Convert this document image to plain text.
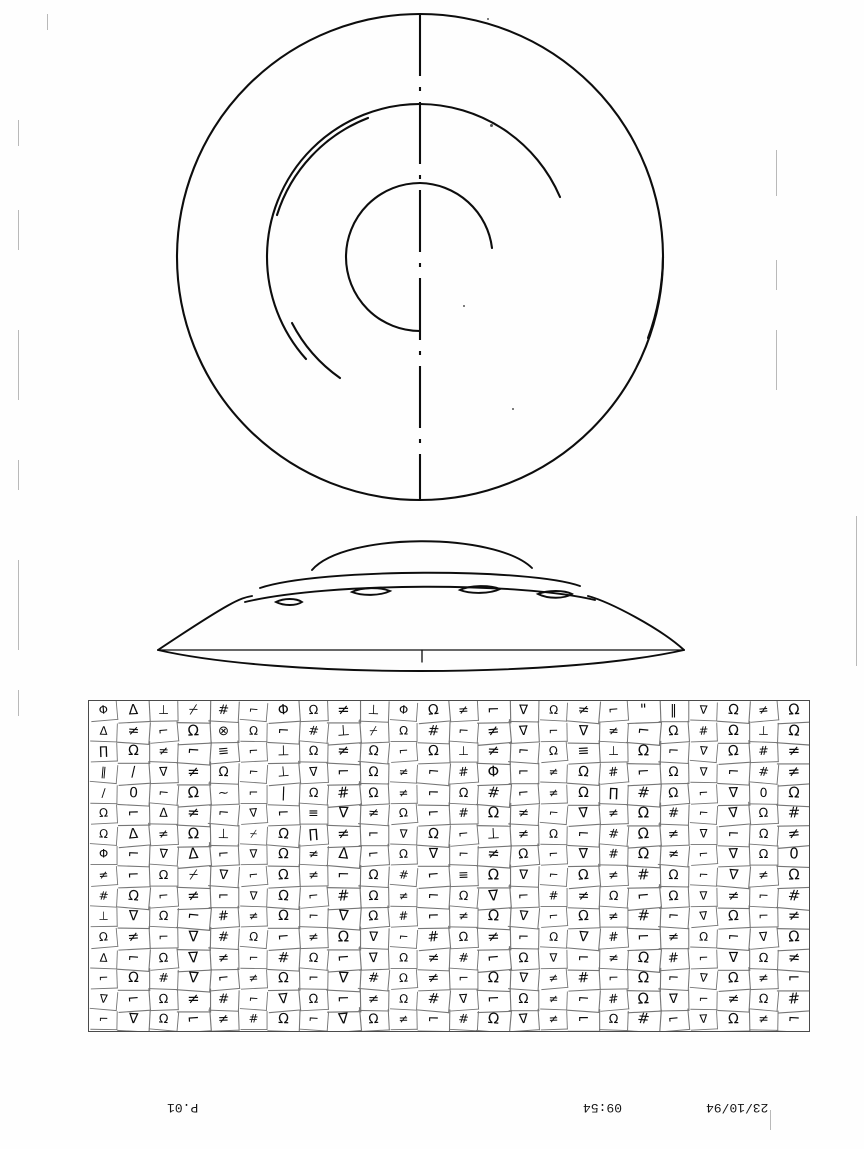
Φ	Δ	⊥	⌿	#	⌐	Φ	Ω	≠	⊥	Φ	Ω	≠	⌐	∇	Ω	≠	⌐	"	‖	∇	Ω	≠	Ω
Δ	≠	⌐	Ω	⊗	Ω	⌐	#	⊥	⌿	Ω	#	⌐	≠	∇	⌐	∇	≠	⌐	Ω	#	Ω	⊥	Ω
∏	Ω	≠	⌐	≡	⌐	⊥	Ω	≠	Ω	⌐	Ω	⊥	≠	⌐	Ω	≡	⊥	Ω	⌐	∇	Ω	#	≠
‖	/	∇	≠	Ω	⌐	⊥	∇	⌐	Ω	≠	⌐	#	Φ	⌐	≠	Ω	#	⌐	Ω	∇	⌐	#	≠
/	0	⌐	Ω	~	⌐	|	Ω	#	Ω	≠	⌐	Ω	#	⌐	≠	Ω	∏	#	Ω	⌐	∇	0	Ω
Ω	⌐	Δ	≠	⌐	∇	⌐	≡	∇	≠	Ω	⌐	#	Ω	≠	⌐	∇	≠	Ω	#	⌐	∇	Ω	#
Ω	Δ	≠	Ω	⊥	⌿	Ω	∏	≠	⌐	∇	Ω	⌐	⊥	≠	Ω	⌐	#	Ω	≠	∇	⌐	Ω	≠
Φ	⌐	∇	Δ	⌐	∇	Ω	≠	Δ	⌐	Ω	∇	⌐	≠	Ω	⌐	∇	#	Ω	≠	⌐	∇	Ω	0
≠	⌐	Ω	⌿	∇	⌐	Ω	≠	⌐	Ω	#	⌐	≡	Ω	∇	⌐	Ω	≠	#	Ω	⌐	∇	≠	Ω
#	Ω	⌐	≠	⌐	∇	Ω	⌐	#	Ω	≠	⌐	Ω	∇	⌐	#	≠	Ω	⌐	Ω	∇	≠	⌐	#
⊥	∇	Ω	⌐	#	≠	Ω	⌐	∇	Ω	#	⌐	≠	Ω	∇	⌐	Ω	≠	#	⌐	∇	Ω	⌐	≠
Ω	≠	⌐	∇	#	Ω	⌐	≠	Ω	∇	⌐	#	Ω	≠	⌐	Ω	∇	#	⌐	≠	Ω	⌐	∇	Ω
Δ	⌐	Ω	∇	≠	⌐	#	Ω	⌐	∇	Ω	≠	#	⌐	Ω	∇	⌐	≠	Ω	#	⌐	∇	Ω	≠
⌐	Ω	#	∇	⌐	≠	Ω	⌐	∇	#	Ω	≠	⌐	Ω	∇	≠	#	⌐	Ω	⌐	∇	Ω	≠	⌐
∇	⌐	Ω	≠	#	⌐	∇	Ω	⌐	≠	Ω	#	∇	⌐	Ω	≠	⌐	#	Ω	∇	⌐	≠	Ω	#
⌐	∇	Ω	⌐	≠	#	Ω	⌐	∇	Ω	≠	⌐	#	Ω	∇	≠	⌐	Ω	#	⌐	∇	Ω	≠	⌐
23/10/94
09:54
P.01
